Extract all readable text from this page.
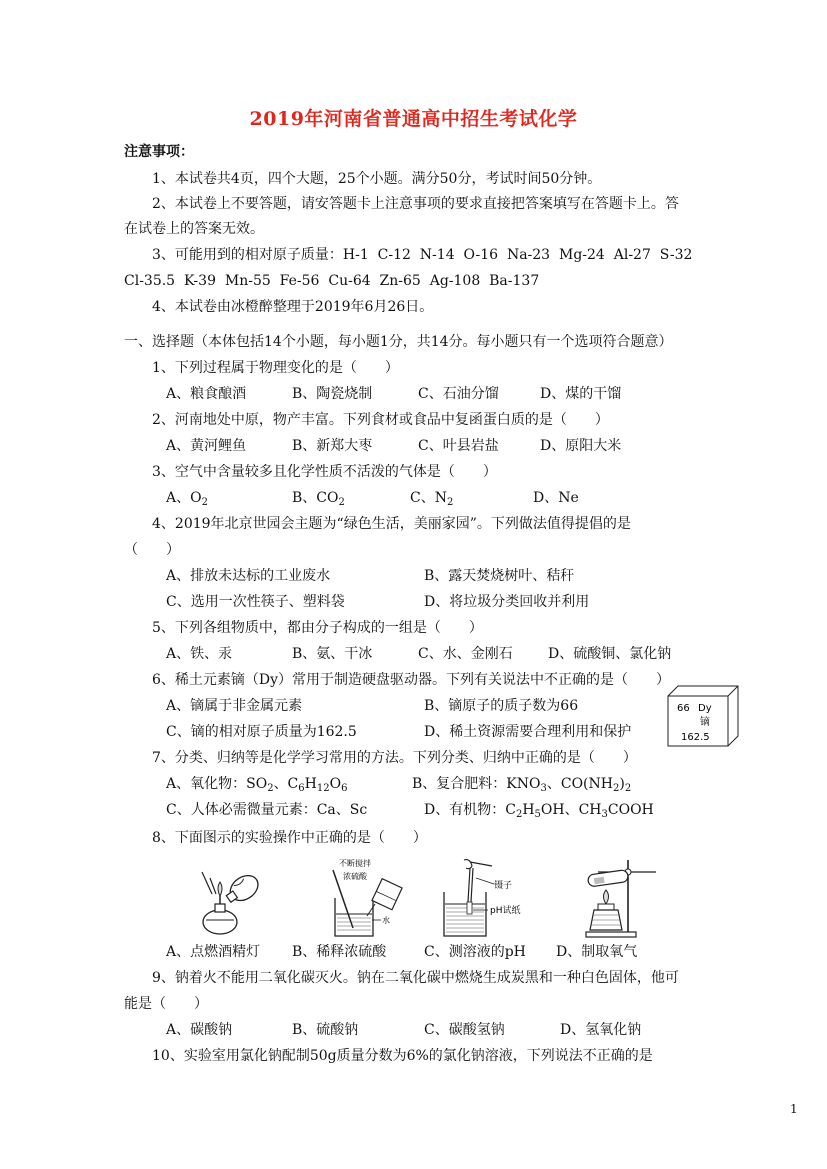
2019年河南省普通高中招生考试化学
注意事项：
1、本试卷共4页，四个大题，25个小题。满分50分，考试时间50分钟。
2、本试卷上不要答题，请安答题卡上注意事项的要求直接把答案填写在答题卡上。答
在试卷上的答案无效。
3、可能用到的相对原子质量：H-1  C-12  N-14  O-16  Na-23  Mg-24  Al-27  S-32
Cl-35.5  K-39  Mn-55  Fe-56  Cu-64  Zn-65  Ag-108  Ba-137
4、本试卷由冰橙醉整理于2019年6月26日。
一、选择题（本体包括14个小题，每小题1分，共14分。每小题只有一个选项符合题意）
1、下列过程属于物理变化的是（　　）
A、粮食酿酒	B、陶瓷烧制	C、石油分馏	D、煤的干馏
2、河南地处中原，物产丰富。下列食材或食品中复函蛋白质的是（　　）
A、黄河鲤鱼	B、新郑大枣	C、叶县岩盐	D、原阳大米
3、空气中含量较多且化学性质不活泼的气体是（　　）
A、$O_2$	B、$CO_2$	C、$N_2$	D、Ne
4、2019年北京世园会主题为“绿色生活，美丽家园”。下列做法值得提倡的是
（　　）
A、排放未达标的工业废水	B、露天焚烧树叶、秸秆
C、选用一次性筷子、塑料袋	D、将垃圾分类回收并利用
5、下列各组物质中，都由分子构成的一组是（　　）
A、铁、汞	B、氨、干冰	C、水、金刚石	D、硫酸铜、氯化钠
6、稀土元素镝（Dy）常用于制造硬盘驱动器。下列有关说法中不正确的是（　　）
A、镝属于非金属元素	B、镝原子的质子数为66
C、镝的相对原子质量为162.5	D、稀土资源需要合理利用和保护
66 Dy
镝
162.5
7、分类、归纳等是化学学习常用的方法。下列分类、归纳中正确的是（　　）
A、氧化物：$SO_2$、$C_6H_{12}O_6$	B、复合肥料：$KNO_3$、$CO(NH_2)_2$
C、人体必需微量元素：Ca、Sc	D、有机物：$C_2H_5OH$、$CH_3COOH$
8、下面图示的实验操作中正确的是（　　）
不断搅拌
浓硫酸
水
镊子
pH试纸
A、点燃酒精灯 B、稀释浓硫酸	C、测溶液的pH D、制取氧气
9、钠着火不能用二氧化碳灭火。钠在二氧化碳中燃烧生成炭黑和一种白色固体，他可
能是（　　）
A、碳酸钠	B、硫酸钠	C、碳酸氢钠	D、氢氧化钠
10、实验室用氯化钠配制50g质量分数为6%的氯化钠溶液，下列说法不正确的是
1
